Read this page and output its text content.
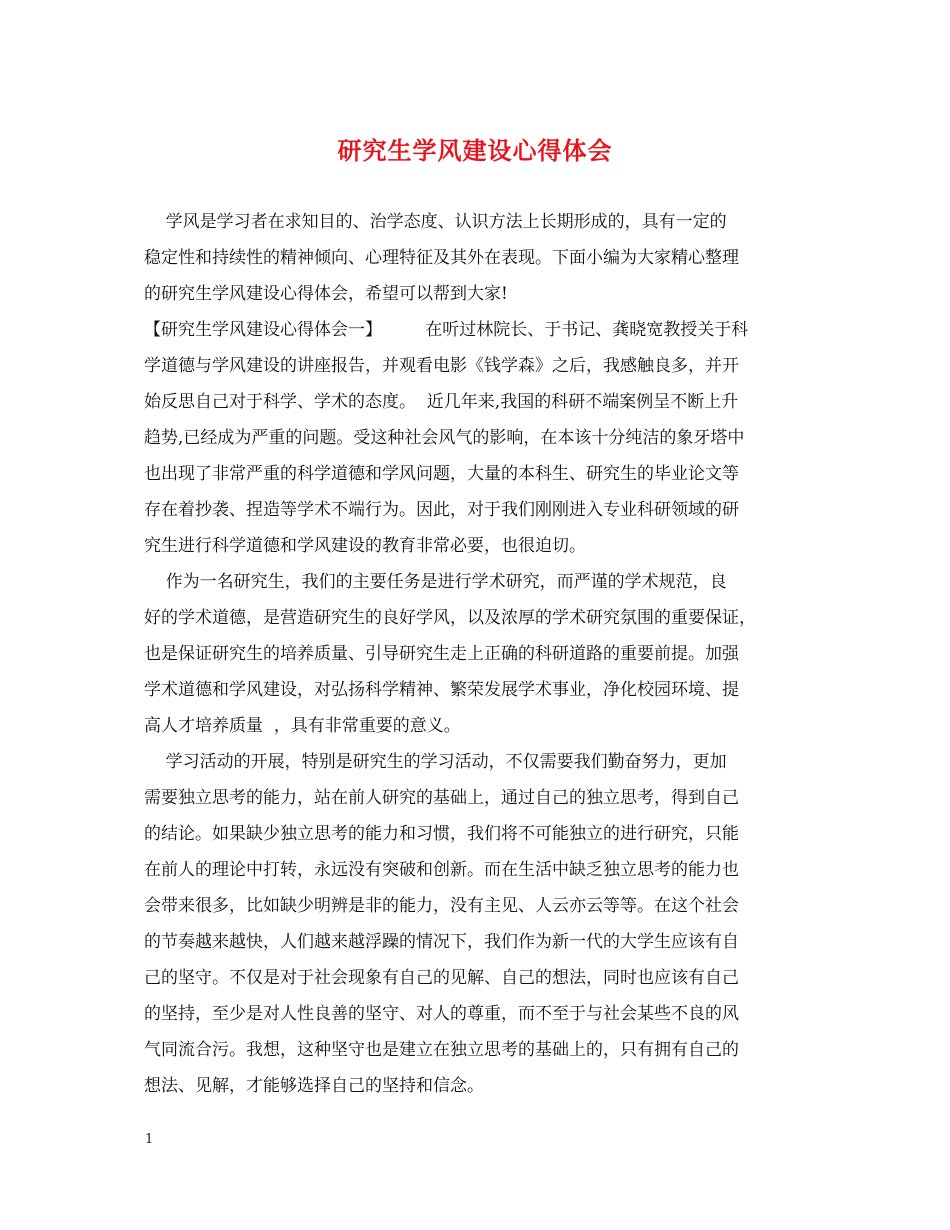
研究生学风建设心得体会
学风是学习者在求知目的、治学态度、认识方法上长期形成的，具有一定的
稳定性和持续性的精神倾向、心理特征及其外在表现。下面小编为大家精心整理
的研究生学风建设心得体会，希望可以帮到大家!
【研究生学风建设心得体会一】        在听过林院长、于书记、龚晓宽教授关于科
学道德与学风建设的讲座报告，并观看电影《钱学森》之后，我感触良多，并开
始反思自己对于科学、学术的态度。  近几年来,我国的科研不端案例呈不断上升
趋势,已经成为严重的问题。受这种社会风气的影响，在本该十分纯洁的象牙塔中
也出现了非常严重的科学道德和学风问题，大量的本科生、研究生的毕业论文等
存在着抄袭、捏造等学术不端行为。因此，对于我们刚刚进入专业科研领域的研
究生进行科学道德和学风建设的教育非常必要，也很迫切。
作为一名研究生，我们的主要任务是进行学术研究，而严谨的学术规范，良
好的学术道德，是营造研究生的良好学风，以及浓厚的学术研究氛围的重要保证，
也是保证研究生的培养质量、引导研究生走上正确的科研道路的重要前提。加强
学术道德和学风建设，对弘扬科学精神、繁荣发展学术事业，净化校园环境、提
高人才培养质量  ，具有非常重要的意义。
学习活动的开展，特别是研究生的学习活动，不仅需要我们勤奋努力，更加
需要独立思考的能力，站在前人研究的基础上，通过自己的独立思考，得到自己
的结论。如果缺少独立思考的能力和习惯，我们将不可能独立的进行研究，只能
在前人的理论中打转，永远没有突破和创新。而在生活中缺乏独立思考的能力也
会带来很多，比如缺少明辨是非的能力，没有主见、人云亦云等等。在这个社会
的节奏越来越快，人们越来越浮躁的情况下，我们作为新一代的大学生应该有自
己的坚守。不仅是对于社会现象有自己的见解、自己的想法，同时也应该有自己
的坚持，至少是对人性良善的坚守、对人的尊重，而不至于与社会某些不良的风
气同流合污。我想，这种坚守也是建立在独立思考的基础上的，只有拥有自己的
想法、见解，才能够选择自己的坚持和信念。
1
